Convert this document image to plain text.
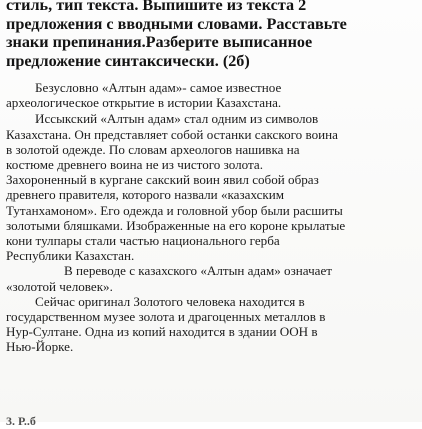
стиль, тип текста. Выпишите из текста 2
предложения с вводными словами. Расставьте
знаки препинания.Разберите выписанное
предложение синтаксически. (2б)
Безусловно «Алтын адам»- самое известное
археологическое открытие в истории Казахстана.
Иссыкский «Алтын адам» стал одним из символов
Казахстана. Он представляет собой останки сакского воина
в золотой одежде. По словам археологов нашивка на
костюме древнего воина не из чистого золота.
Захороненный в кургане сакский воин явил собой образ
древнего правителя, которого назвали «казахским
Тутанхамоном». Его одежда и головной убор были расшиты
золотыми бляшками. Изображенные на его короне крылатые
кони тулпары стали частью национального герба
Республики Казахстан.
В переводе с казахского «Алтын адам» означает
«золотой человек».
Сейчас оригинал Золотого человека находится в
государственном музее золота и драгоценных металлов в
Нур-Султане. Одна из копий находится в здании ООН в
Нью-Йорке.
3. Р..б
